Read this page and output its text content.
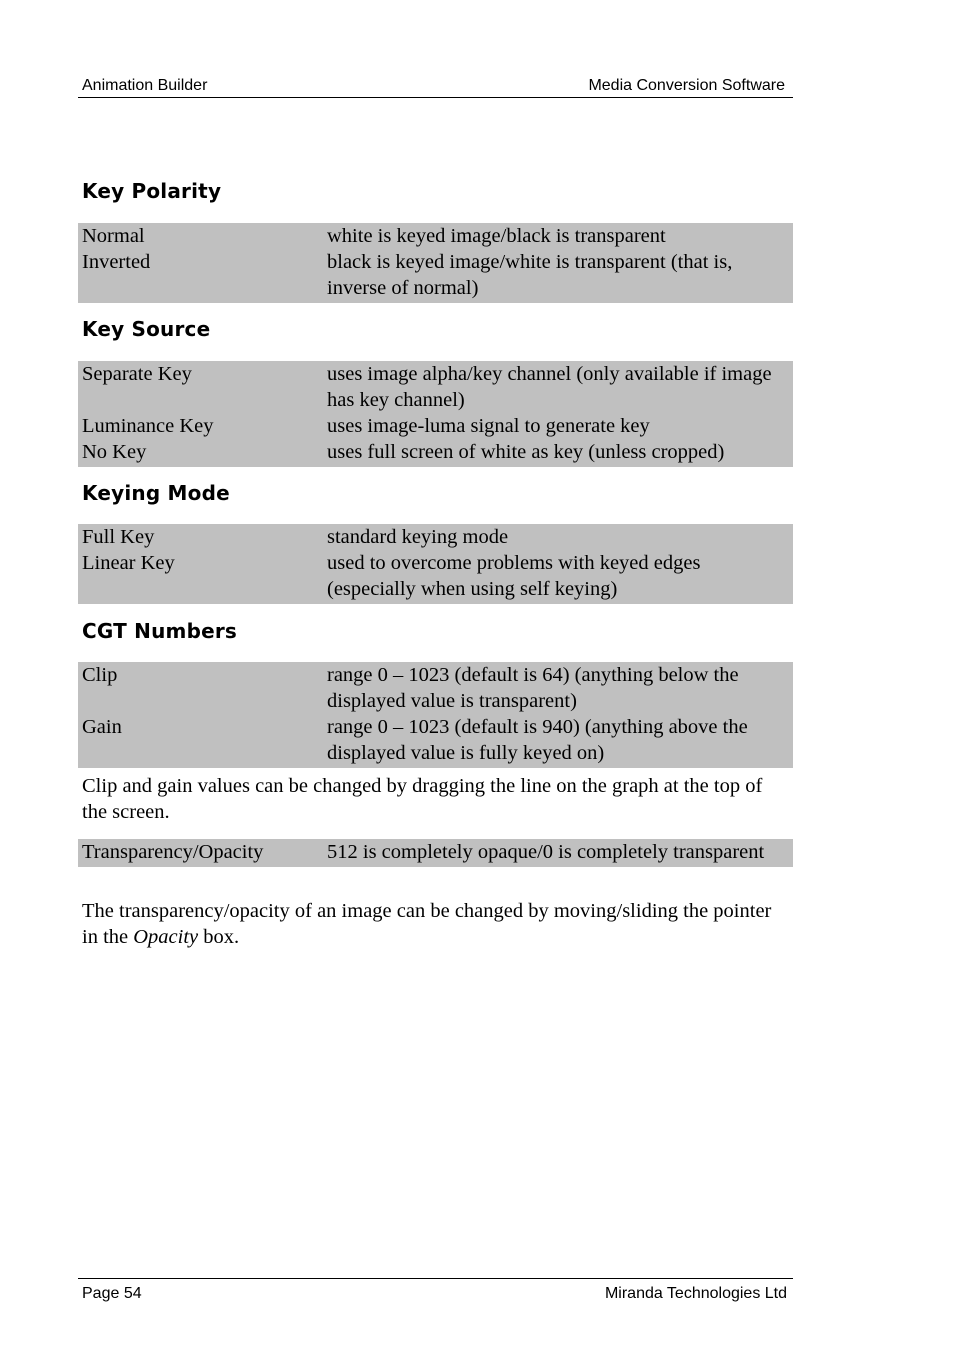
Animation Builder	Media Conversion Software
Key Polarity
Normal	white is keyed image/black is transparent
Inverted	black is keyed image/white is transparent (that is, inverse of normal)
Key Source
Separate Key	uses image alpha/key channel (only available if image has key channel)
Luminance Key	uses image-luma signal to generate key
No Key	uses full screen of white as key (unless cropped)
Keying Mode
Full Key	standard keying mode
Linear Key	used to overcome problems with keyed edges (especially when using self keying)
CGT Numbers
Clip	range 0 – 1023 (default is 64) (anything below the displayed value is transparent)
Gain	range 0 – 1023 (default is 940) (anything above the displayed value is fully keyed on)
Clip and gain values can be changed by dragging the line on the graph at the top of the screen.
Transparency/Opacity	512 is completely opaque/0 is completely transparent
The transparency/opacity of an image can be changed by moving/sliding the pointer in the Opacity box.
Page 54	Miranda Technologies Ltd
